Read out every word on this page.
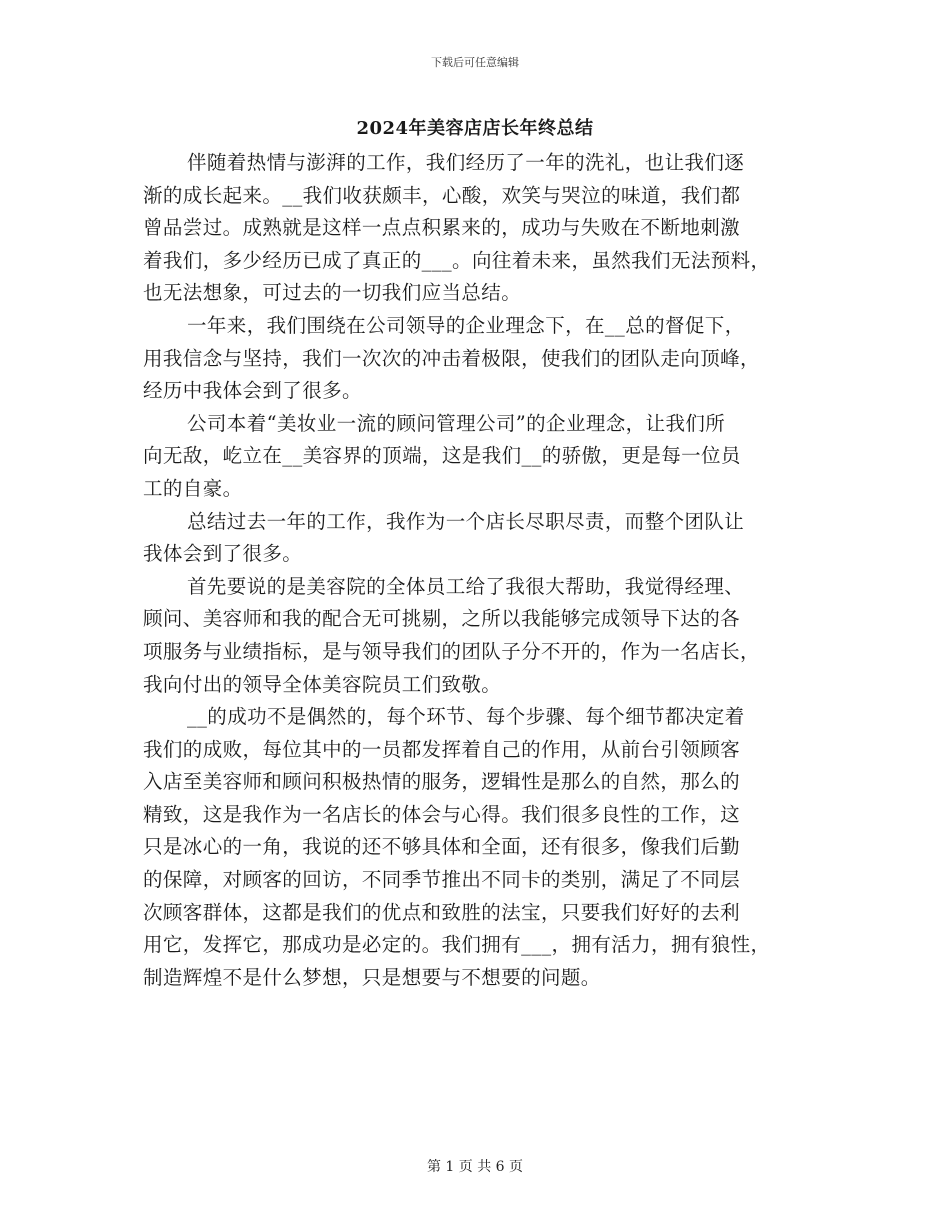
下载后可任意编辑
2024年美容店店长年终总结
伴随着热情与澎湃的工作，我们经历了一年的洗礼，也让我们逐
渐的成长起来。__我们收获颇丰，心酸，欢笑与哭泣的味道，我们都
曾品尝过。成熟就是这样一点点积累来的，成功与失败在不断地刺激
着我们，多少经历已成了真正的___。向往着未来，虽然我们无法预料，
也无法想象，可过去的一切我们应当总结。
一年来，我们围绕在公司领导的企业理念下，在__总的督促下，
用我信念与坚持，我们一次次的冲击着极限，使我们的团队走向顶峰，
经历中我体会到了很多。
公司本着“美妆业一流的顾问管理公司”的企业理念，让我们所
向无敌，屹立在__美容界的顶端，这是我们__的骄傲，更是每一位员
工的自豪。
总结过去一年的工作，我作为一个店长尽职尽责，而整个团队让
我体会到了很多。
首先要说的是美容院的全体员工给了我很大帮助，我觉得经理、
顾问、美容师和我的配合无可挑剔，之所以我能够完成领导下达的各
项服务与业绩指标，是与领导我们的团队子分不开的，作为一名店长，
我向付出的领导全体美容院员工们致敬。
__的成功不是偶然的，每个环节、每个步骤、每个细节都决定着
我们的成败，每位其中的一员都发挥着自己的作用，从前台引领顾客
入店至美容师和顾问积极热情的服务，逻辑性是那么的自然，那么的
精致，这是我作为一名店长的体会与心得。我们很多良性的工作，这
只是冰心的一角，我说的还不够具体和全面，还有很多，像我们后勤
的保障，对顾客的回访，不同季节推出不同卡的类别，满足了不同层
次顾客群体，这都是我们的优点和致胜的法宝，只要我们好好的去利
用它，发挥它，那成功是必定的。我们拥有___，拥有活力，拥有狼性，
制造辉煌不是什么梦想，只是想要与不想要的问题。
第 1 页 共 6 页
